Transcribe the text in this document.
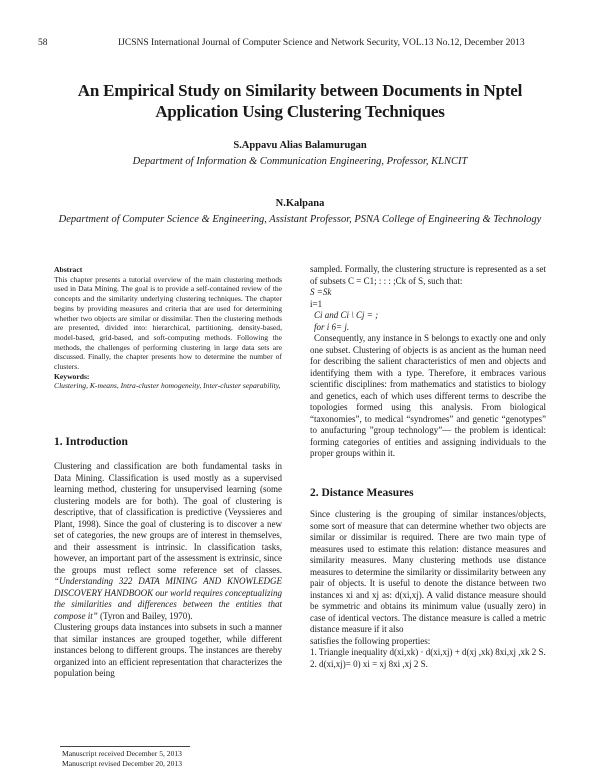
58	IJCSNS International Journal of Computer Science and Network Security, VOL.13 No.12, December 2013
An Empirical Study on Similarity between Documents in Nptel
Application Using Clustering Techniques
S.Appavu Alias Balamurugan
Department of Information & Communication Engineering, Professor, KLNCIT
N.Kalpana
Department of Computer Science & Engineering, Assistant Professor, PSNA College of Engineering & Technology
Abstract

This chapter presents a tutorial overview of the main clustering methods used in Data Mining. The goal is to provide a self-contained review of the concepts and the similarity underlying clustering techniques. The chapter begins by providing measures and criteria that are used for determining whether two objects are similar or dissimilar. Then the clustering methods are presented, divided into: hierarchical, partitioning, density-based, model-based, grid-based, and soft-computing methods. Following the methods, the challenges of performing clustering in large data sets are discussed. Finally, the chapter presents how to determine the number of clusters.

Keywords:
Clustering, K-means, Intra-cluster homogeneity, Inter-cluster separability,
1. Introduction

Clustering and classification are both fundamental tasks in Data Mining. Classification is used mostly as a supervised learning method, clustering for unsupervised learning (some clustering models are for both). The goal of clustering is descriptive, that of classification is predictive (Veyssieres and Plant, 1998). Since the goal of clustering is to discover a new set of categories, the new groups are of interest in themselves, and their assessment is intrinsic. In classification tasks, however, an important part of the assessment is extrinsic, since the groups must reflect some reference set of classes. “Understanding 322 DATA MINING AND KNOWLEDGE DISCOVERY HANDBOOK our world requires conceptualizing the similarities and differences between the entities that compose it” (Tyron and Bailey, 1970).

Clustering groups data instances into subsets in such a manner that similar instances are grouped together, while different instances belong to different groups. The instances are thereby organized into an efficient representation that characterizes the population being

sampled. Formally, the clustering structure is represented as a set of subsets C = C1; : : : ;Ck of S, such that:

S =Sk
i=1
Ci and Ci \ Cj = ;
for i 6= j.

Consequently, any instance in S belongs to exactly one and only one subset. Clustering of objects is as ancient as the human need for describing the salient characteristics of men and objects and identifying them with a type. Therefore, it embraces various scientific disciplines: from mathematics and statistics to biology and genetics, each of which uses different terms to describe the topologies formed using this analysis. From biological “taxonomies”, to medical “syndromes” and genetic “genotypes” to anufacturing ”group technology”— the problem is identical: forming categories of entities and assigning individuals to the proper groups within it.

2. Distance Measures

Since clustering is the grouping of similar instances/objects, some sort of measure that can determine whether two objects are similar or dissimilar is required. There are two main type of measures used to estimate this relation: distance measures and similarity measures. Many clustering methods use distance measures to determine the similarity or dissimilarity between any pair of objects. It is useful to denote the distance between two instances xi and xj as: d(xi,xj). A valid distance measure should be symmetric and obtains its minimum value (usually zero) in case of identical vectors. The distance measure is called a metric distance measure if it also

satisfies the following properties:

1. Triangle inequality d(xi,xk) · d(xi,xj) + d(xj ,xk) 8xi,xj ,xk 2 S.

2. d(xi,xj)= 0) xi = xj 8xi ,xj 2 S.

Manuscript received December 5, 2013
Manuscript revised December 20, 2013
